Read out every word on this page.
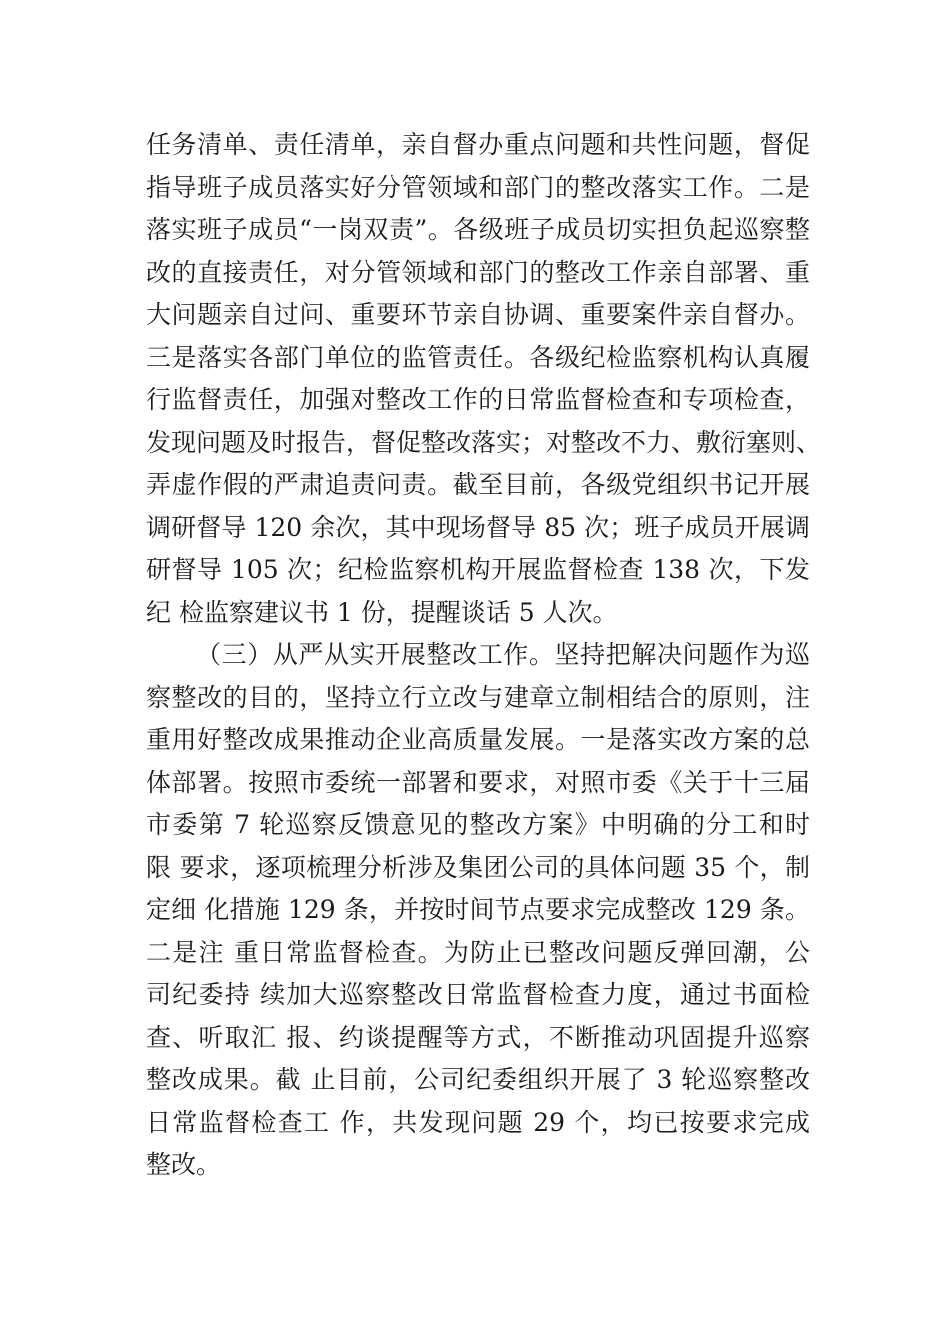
任务清单、责任清单，亲自督办重点问题和共性问题，督促
指导班子成员落实好分管领域和部门的整改落实工作。二是
落实班子成员“一岗双责”。各级班子成员切实担负起巡察整
改的直接责任，对分管领域和部门的整改工作亲自部署、重
大问题亲自过问、重要环节亲自协调、重要案件亲自督办。
三是落实各部门单位的监管责任。各级纪检监察机构认真履
行监督责任，加强对整改工作的日常监督检查和专项检查，
发现问题及时报告，督促整改落实；对整改不力、敷衍塞则、
弄虚作假的严肃追责问责。截至目前，各级党组织书记开展
调研督导 120 余次，其中现场督导 85 次；班子成员开展调
研督导 105 次；纪检监察机构开展监督检查 138 次，下发
纪 检监察建议书 1 份，提醒谈话 5 人次。
（三）从严从实开展整改工作。坚持把解决问题作为巡
察整改的目的，坚持立行立改与建章立制相结合的原则，注
重用好整改成果推动企业高质量发展。一是落实改方案的总
体部署。按照市委统一部署和要求，对照市委《关于十三届
市委第 7 轮巡察反馈意见的整改方案》中明确的分工和时
限 要求，逐项梳理分析涉及集团公司的具体问题 35 个，制
定细 化措施 129 条，并按时间节点要求完成整改 129 条。
二是注 重日常监督检查。为防止已整改问题反弹回潮，公
司纪委持 续加大巡察整改日常监督检查力度，通过书面检
查、听取汇 报、约谈提醒等方式，不断推动巩固提升巡察
整改成果。截 止目前，公司纪委组织开展了 3 轮巡察整改
日常监督检查工 作，共发现问题 29 个，均已按要求完成
整改。
